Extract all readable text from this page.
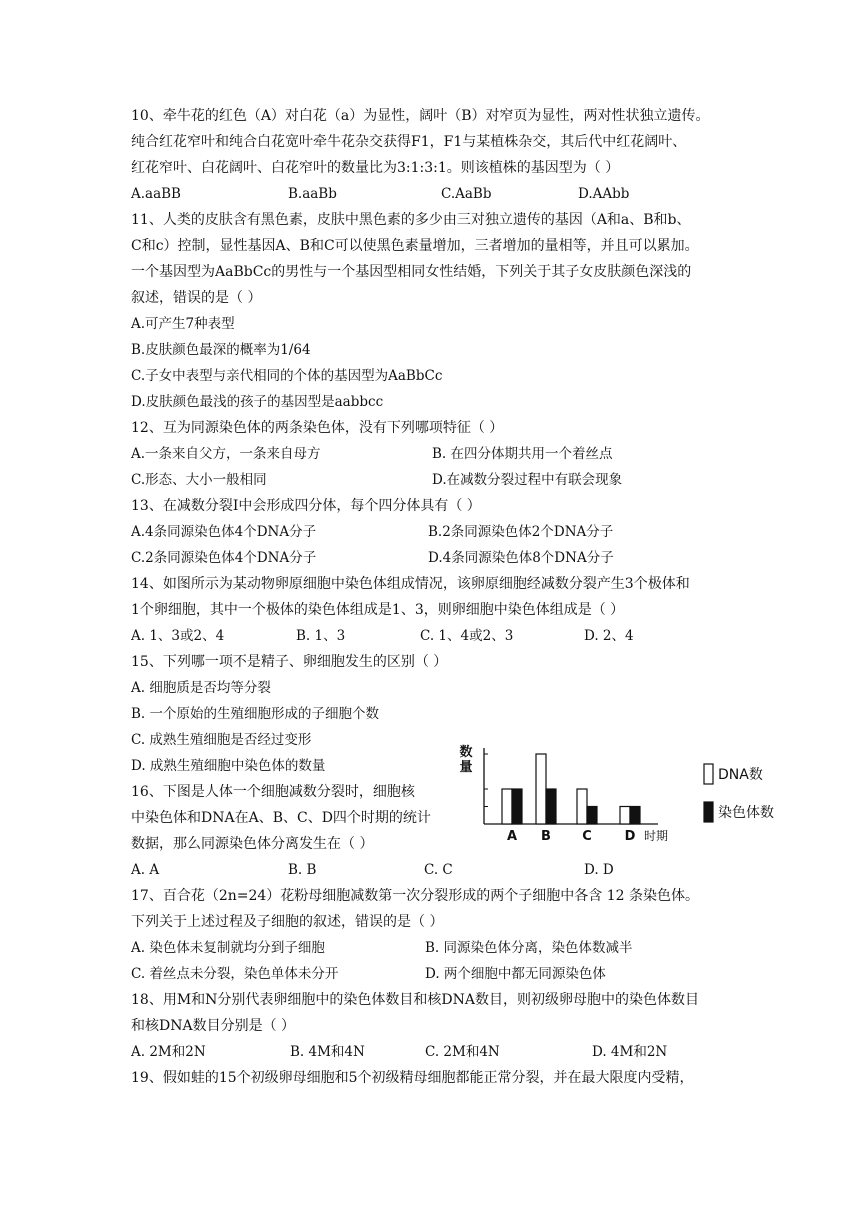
10、牵牛花的红色（A）对白花（a）为显性，阔叶（B）对窄页为显性，两对性状独立遗传。
纯合红花窄叶和纯合白花宽叶牵牛花杂交获得F1，F1与某植株杂交，其后代中红花阔叶、
红花窄叶、白花阔叶、白花窄叶的数量比为3:1:3:1。则该植株的基因型为（ ）
A.aaBB	B.aaBb	C.AaBb	D.AAbb
11、人类的皮肤含有黑色素，皮肤中黑色素的多少由三对独立遗传的基因（A和a、B和b、
C和c）控制，显性基因A、B和C可以使黑色素量增加，三者增加的量相等，并且可以累加。
一个基因型为AaBbCc的男性与一个基因型相同女性结婚，下列关于其子女皮肤颜色深浅的
叙述，错误的是（ ）
A.可产生7种表型
B.皮肤颜色最深的概率为1/64
C.子女中表型与亲代相同的个体的基因型为AaBbCc
D.皮肤颜色最浅的孩子的基因型是aabbcc
12、互为同源染色体的两条染色体，没有下列哪项特征（ ）
A.一条来自父方，一条来自母方	B. 在四分体期共用一个着丝点
C.形态、大小一般相同	D.在减数分裂过程中有联会现象
13、在减数分裂Ⅰ中会形成四分体，每个四分体具有（ ）
A.4条同源染色体4个DNA分子	B.2条同源染色体2个DNA分子
C.2条同源染色体4个DNA分子	D.4条同源染色体8个DNA分子
14、如图所示为某动物卵原细胞中染色体组成情况，该卵原细胞经减数分裂产生3个极体和
1个卵细胞，其中一个极体的染色体组成是1、3，则卵细胞中染色体组成是（ ）
A. 1、3或2、4	B. 1、3	C. 1、4或2、3	D. 2、4
15、下列哪一项不是精子、卵细胞发生的区别（ ）
A. 细胞质是否均等分裂
B. 一个原始的生殖细胞形成的子细胞个数
C. 成熟生殖细胞是否经过变形
D. 成熟生殖细胞中染色体的数量
16、下图是人体一个细胞减数分裂时，细胞核
中染色体和DNA在A、B、C、D四个时期的统计
数据，那么同源染色体分离发生在（ ）
A. A	B. B	C. C	D. D
数
量
A B C	D 时期
DNA数
染色体数
17、百合花（2n=24）花粉母细胞减数第一次分裂形成的两个子细胞中各含 12 条染色体。
下列关于上述过程及子细胞的叙述，错误的是（ ）
A. 染色体未复制就均分到子细胞	B. 同源染色体分离，染色体数减半
C. 着丝点未分裂，染色单体未分开	D. 两个细胞中都无同源染色体
18、用M和N分别代表卵细胞中的染色体数目和核DNA数目，则初级卵母胞中的染色体数目
和核DNA数目分别是（ ）
A. 2M和2N	B. 4M和4N	C. 2M和4N	D. 4M和2N
19、假如蛙的15个初级卵母细胞和5个初级精母细胞都能正常分裂，并在最大限度内受精，
